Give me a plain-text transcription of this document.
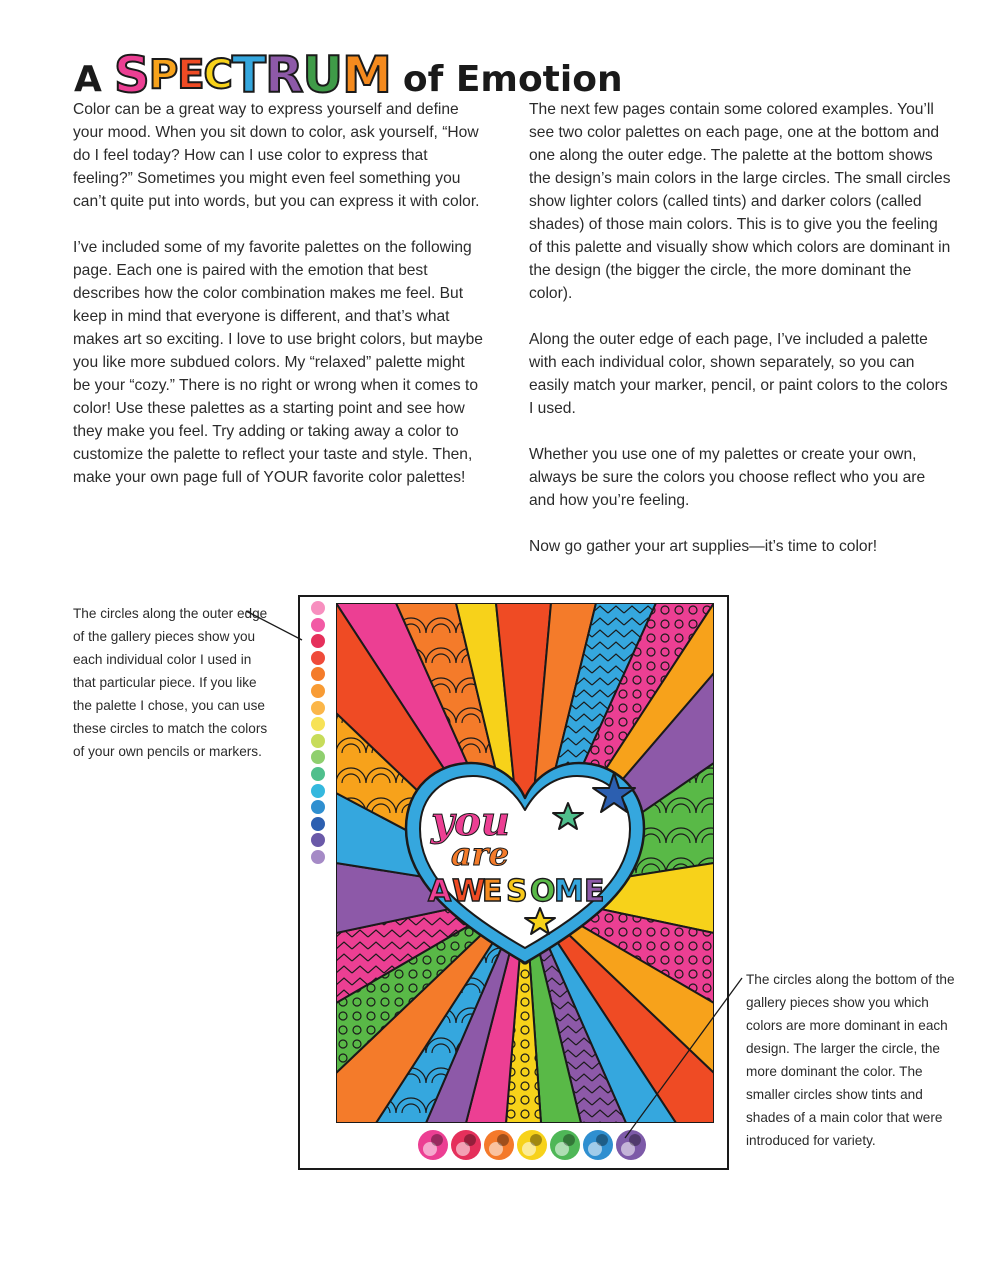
A S P E C T R U M of Emotion

Color can be a great way to express yourself and define your mood. When you sit down to color, ask yourself, “How do I feel today? How can I use color to express that feeling?” Sometimes you might even feel something you can’t quite put into words, but you can express it with color.

I’ve included some of my favorite palettes on the following page. Each one is paired with the emotion that best describes how the color combination makes me feel. But keep in mind that everyone is different, and that’s what makes art so exciting. I love to use bright colors, but maybe you like more subdued colors. My “relaxed” palette might be your “cozy.” There is no right or wrong when it comes to color! Use these palettes as a starting point and see how they make you feel. Try adding or taking away a color to customize the palette to reflect your taste and style. Then, make your own page full of YOUR favorite color palettes!

The next few pages contain some colored examples. You’ll see two color palettes on each page, one at the bottom and one along the outer edge. The palette at the bottom shows the design’s main colors in the large circles. The small circles show lighter colors (called tints) and darker colors (called shades) of those main colors. This is to give you the feeling of this palette and visually show which colors are dominant in the design (the bigger the circle, the more dominant the color).

Along the outer edge of each page, I’ve included a palette with each individual color, shown separately, so you can easily match your marker, pencil, or paint colors to the colors I used.

Whether you use one of my palettes or create your own, always be sure the colors you choose reflect who you are and how you’re feeling.

Now go gather your art supplies—it’s time to color!

The circles along the outer edge of the gallery pieces show you each individual color I used in that particular piece. If you like the palette I chose, you can use these circles to match the colors of your own pencils or markers.
The circles along the bottom of the gallery pieces show you which colors are more dominant in each design. The larger the circle, the more dominant the color. The smaller circles show tints and shades of a main color that were introduced for variety.
you
are
A W
E S O
M E
